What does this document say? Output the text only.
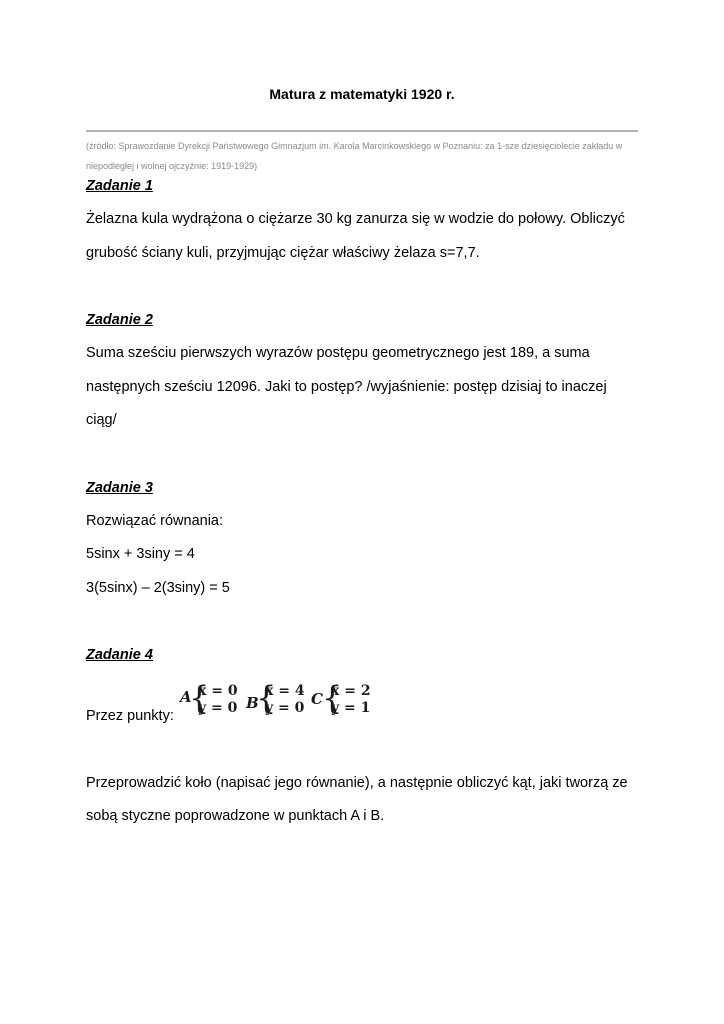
Matura z matematyki 1920 r.
(źródło: Sprawozdanie Dyrekcji Państwowego Gimnazjum im. Karola Marcinkowskiego w Poznaniu: za 1-sze dziesięciolecie zakładu w
niepodległej i wolnej ojczyźnie: 1919-1929)
Zadanie 1
Żelazna kula wydrążona o ciężarze 30 kg zanurza się w wodzie do połowy. Obliczyć
grubość ściany kuli, przyjmując ciężar właściwy żelaza s=7,7.
Zadanie 2
Suma sześciu pierwszych wyrazów postępu geometrycznego jest 189, a suma
następnych sześciu 12096. Jaki to postęp? /wyjaśnienie: postęp dzisiaj to inaczej
ciąg/
Zadanie 3
Rozwiązać równania:
5sinx + 3siny = 4
3(5sinx) – 2(3siny) = 5
Zadanie 4
Przez punkty:
A
{
x = 0
y = 0 B
{
x = 4
y = 0 C {
x = 2
y = 1
Przeprowadzić koło (napisać jego równanie), a następnie obliczyć kąt, jaki tworzą ze
sobą styczne poprowadzone w punktach A i B.
